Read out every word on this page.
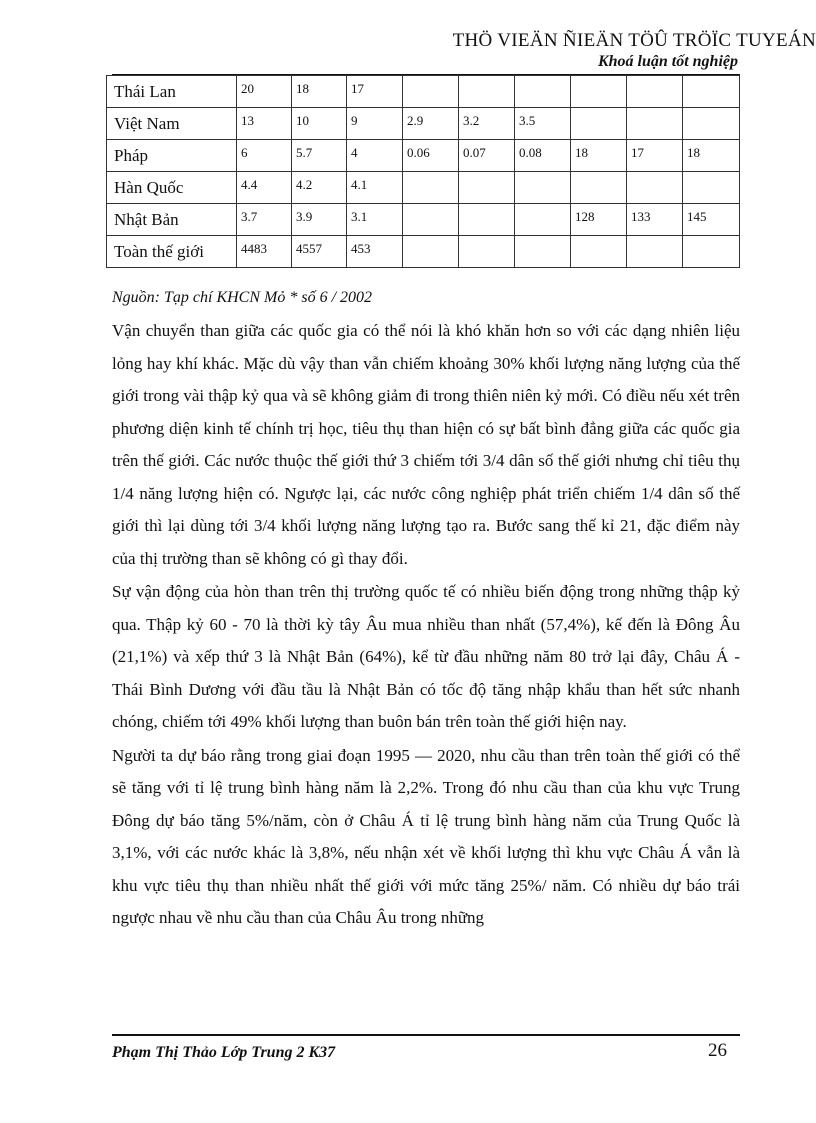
THÖ VIEÄN ÑIEÄN TÖÛ TRÖÏC TUYEÁN
Khoá luận tốt nghiệp
Thái Lan	20	18	17						
Việt Nam	13	10	9	2.9	3.2	3.5			
Pháp	6	5.7	4	0.06	0.07	0.08	18	17	18
Hàn Quốc	4.4	4.2	4.1						
Nhật Bản	3.7	3.9	3.1				128	133	145
Toàn thế giới	4483	4557	453						
Nguồn: Tạp chí KHCN Mỏ * số 6 / 2002

Vận chuyển than giữa các quốc gia có thể nói là khó khăn hơn so với các dạng nhiên liệu lỏng hay khí khác. Mặc dù vậy than vẫn chiếm khoảng 30% khối lượng năng lượng của thế giới trong vài thập kỷ qua và sẽ không giảm đi trong thiên niên kỷ mới. Có điều nếu xét trên phương diện kinh tế chính trị học, tiêu thụ than hiện có sự bất bình đẳng giữa các quốc gia trên thế giới. Các nước thuộc thế giới thứ 3 chiếm tới 3/4 dân số thế giới nhưng chỉ tiêu thụ 1/4 năng lượng hiện có. Ngược lại, các nước công nghiệp phát triển chiếm 1/4 dân số thế giới thì lại dùng tới 3/4 khối lượng năng lượng tạo ra. Bước sang thế kỉ 21, đặc điểm này của thị trường than sẽ không có gì thay đổi.

Sự vận động của hòn than trên thị trường quốc tế có nhiều biến động trong những thập kỷ qua. Thập kỷ 60 - 70 là thời kỳ tây Âu mua nhiều than nhất (57,4%), kế đến là Đông Âu (21,1%) và xếp thứ 3 là Nhật Bản (64%), kể từ đầu những năm 80 trở lại đây, Châu Á - Thái Bình Dương với đầu tầu là Nhật Bản có tốc độ tăng nhập khẩu than hết sức nhanh chóng, chiếm tới 49% khối lượng than buôn bán trên toàn thế giới hiện nay.

Người ta dự báo rằng trong giai đoạn 1995 — 2020, nhu cầu than trên toàn thế giới có thể sẽ tăng với tỉ lệ trung bình hàng năm là 2,2%. Trong đó nhu cầu than của khu vực Trung Đông dự báo tăng 5%/năm, còn ở Châu Á tỉ lệ trung bình hàng năm của Trung Quốc là 3,1%, với các nước khác là 3,8%, nếu nhận xét về khối lượng thì khu vực Châu Á vẫn là khu vực tiêu thụ than nhiều nhất thế giới với mức tăng 25%/ năm. Có nhiều dự báo trái ngược nhau về nhu cầu than của Châu Âu trong những

Phạm Thị Thảo Lớp Trung 2 K37	26
